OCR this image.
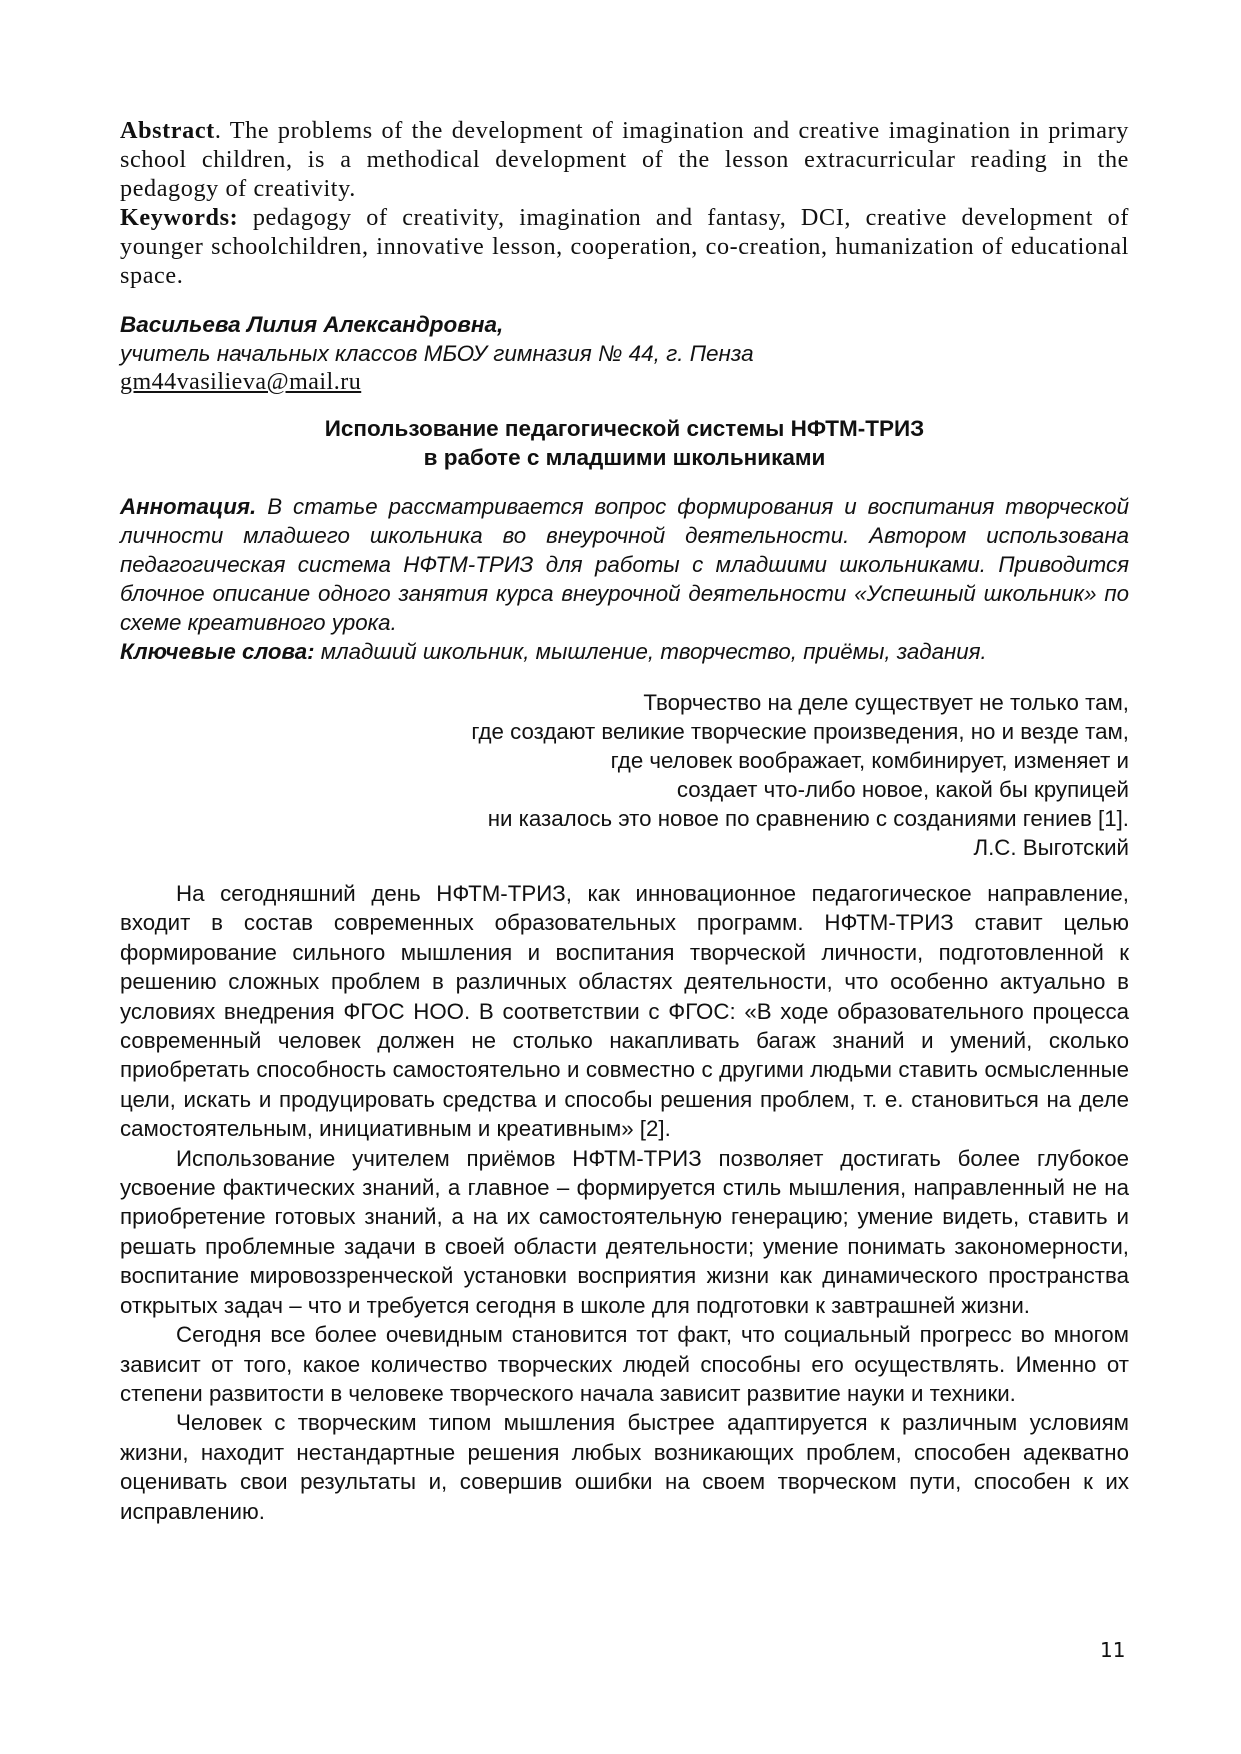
Abstract. The problems of the development of imagination and creative imagination in primary school children, is a methodical development of the lesson extracurricular reading in the pedagogy of creativity.

Keywords: pedagogy of creativity, imagination and fantasy, DCI, creative development of younger schoolchildren, innovative lesson, cooperation, co-creation, humanization of educational space.

Васильева Лилия Александровна,
учитель начальных классов МБОУ гимназия № 44, г. Пенза
gm44vasilieva@mail.ru
Использование педагогической системы НФТМ-ТРИЗ
в работе с младшими школьниками

Аннотация. В статье рассматривается вопрос формирования и воспитания творческой личности младшего школьника во внеурочной деятельности. Автором использована педагогическая система НФТМ-ТРИЗ для работы с младшими школьниками. Приводится блочное описание одного занятия курса внеурочной деятельности «Успешный школьник» по схеме креативного урока.

Ключевые слова: младший школьник, мышление, творчество, приёмы, задания.

Творчество на деле существует не только там,
где создают великие творческие произведения, но и везде там,
где человек воображает, комбинирует, изменяет и
создает что-либо новое, какой бы крупицей
ни казалось это новое по сравнению с созданиями гениев [1].
Л.С. Выготский

На сегодняшний день НФТМ-ТРИЗ, как инновационное педагогическое направление, входит в состав современных образовательных программ. НФТМ-ТРИЗ ставит целью формирование сильного мышления и воспитания творческой личности, подготовленной к решению сложных проблем в различных областях деятельности, что особенно актуально в условиях внедрения ФГОС НОО. В соответствии с ФГОС: «В ходе образовательного процесса современный человек должен не столько накапливать багаж знаний и умений, сколько приобретать способность самостоятельно и совместно с другими людьми ставить осмысленные цели, искать и продуцировать средства и способы решения проблем, т. е. становиться на деле самостоятельным, инициативным и креативным» [2].

Использование учителем приёмов НФТМ-ТРИЗ позволяет достигать более глубокое усвоение фактических знаний, а главное – формируется стиль мышления, направленный не на приобретение готовых знаний, а на их самостоятельную генерацию; умение видеть, ставить и решать проблемные задачи в своей области деятельности; умение понимать закономерности, воспитание мировоззренческой установки восприятия жизни как динамического пространства открытых задач – что и требуется сегодня в школе для подготовки к завтрашней жизни.

Сегодня все более очевидным становится тот факт, что социальный прогресс во многом зависит от того, какое количество творческих людей способны его осуществлять. Именно от степени развитости в человеке творческого начала зависит развитие науки и техники.

Человек с творческим типом мышления быстрее адаптируется к различным условиям жизни, находит нестандартные решения любых возникающих проблем, способен адекватно оценивать свои результаты и, совершив ошибки на своем творческом пути, способен к их исправлению.

11
